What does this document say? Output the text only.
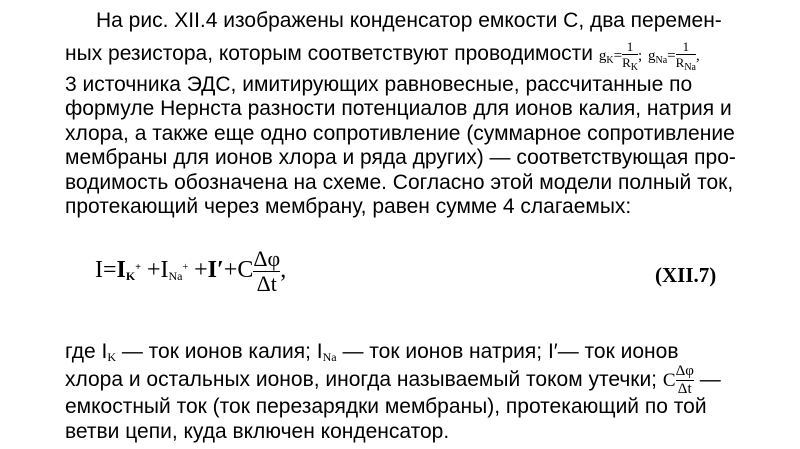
На рис. XII.4 изображены конденсатор емкости С, два перемен-
ных резистора, которым соответствуют проводимости $g_K= \frac{1}{R_K}$ ; $g_{Na}= \frac{1}{R_{Na}}$ ,
3 источника ЭДС, имитирующих равновесные, рассчитанные по
формуле Нернста разности потенциалов для ионов калия, натрия и
хлора, а также еще одно сопротивление (суммарное сопротивление
мембраны для ионов хлора и ряда других) — соответствующая про-
водимость обозначена на схеме. Согласно этой модели полный ток,
протекающий через мембрану, равен сумме 4 слагаемых:
$I=I_K^+ +I_{Na}^+ +I'+C \frac{\Delta\varphi}{\Delta t}$ ,	(XII.7)
где $I_K$ — ток ионов калия; $I_{Na}$ — ток ионов натрия; I′— ток ионов
хлора и остальных ионов, иногда называемый током утечки; C $\frac{\Delta\varphi}{\Delta t}$ —
емкостный ток (ток перезарядки мембраны), протекающий по той
ветви цепи, куда включен конденсатор.
